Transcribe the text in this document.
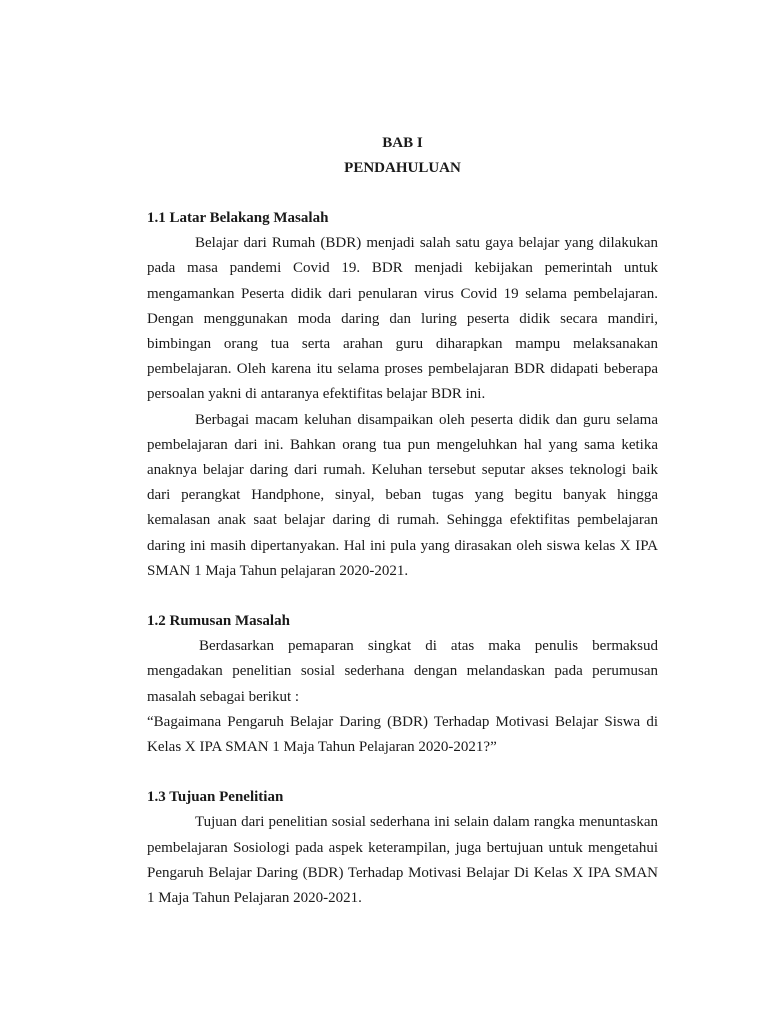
BAB I

PENDAHULUAN

1.1 Latar Belakang Masalah

Belajar dari Rumah (BDR) menjadi salah satu gaya belajar yang dilakukan pada masa pandemi Covid 19. BDR menjadi kebijakan pemerintah untuk mengamankan Peserta didik dari penularan virus Covid 19 selama pembelajaran. Dengan menggunakan moda daring dan luring peserta didik secara mandiri, bimbingan orang tua serta arahan guru diharapkan mampu melaksanakan pembelajaran. Oleh karena itu selama proses pembelajaran BDR didapati beberapa persoalan yakni di antaranya efektifitas belajar BDR ini.

Berbagai macam keluhan disampaikan oleh peserta didik dan guru selama pembelajaran dari ini. Bahkan orang tua pun mengeluhkan hal yang sama ketika anaknya belajar daring dari rumah. Keluhan tersebut seputar akses teknologi baik dari perangkat Handphone, sinyal, beban tugas yang begitu banyak hingga kemalasan anak saat belajar daring di rumah. Sehingga efektifitas pembelajaran daring ini masih dipertanyakan. Hal ini pula yang dirasakan oleh siswa kelas X IPA SMAN 1 Maja Tahun pelajaran 2020-2021.

1.2 Rumusan Masalah

Berdasarkan pemaparan singkat di atas maka penulis bermaksud mengadakan penelitian sosial sederhana dengan melandaskan pada perumusan masalah sebagai berikut :

“Bagaimana Pengaruh Belajar Daring (BDR) Terhadap Motivasi Belajar Siswa di Kelas X IPA SMAN 1 Maja Tahun Pelajaran 2020-2021?”

1.3 Tujuan Penelitian

Tujuan dari penelitian sosial sederhana ini selain dalam rangka menuntaskan pembelajaran Sosiologi pada aspek keterampilan, juga bertujuan untuk mengetahui Pengaruh Belajar Daring (BDR) Terhadap Motivasi Belajar Di Kelas X IPA SMAN 1 Maja Tahun Pelajaran 2020-2021.
